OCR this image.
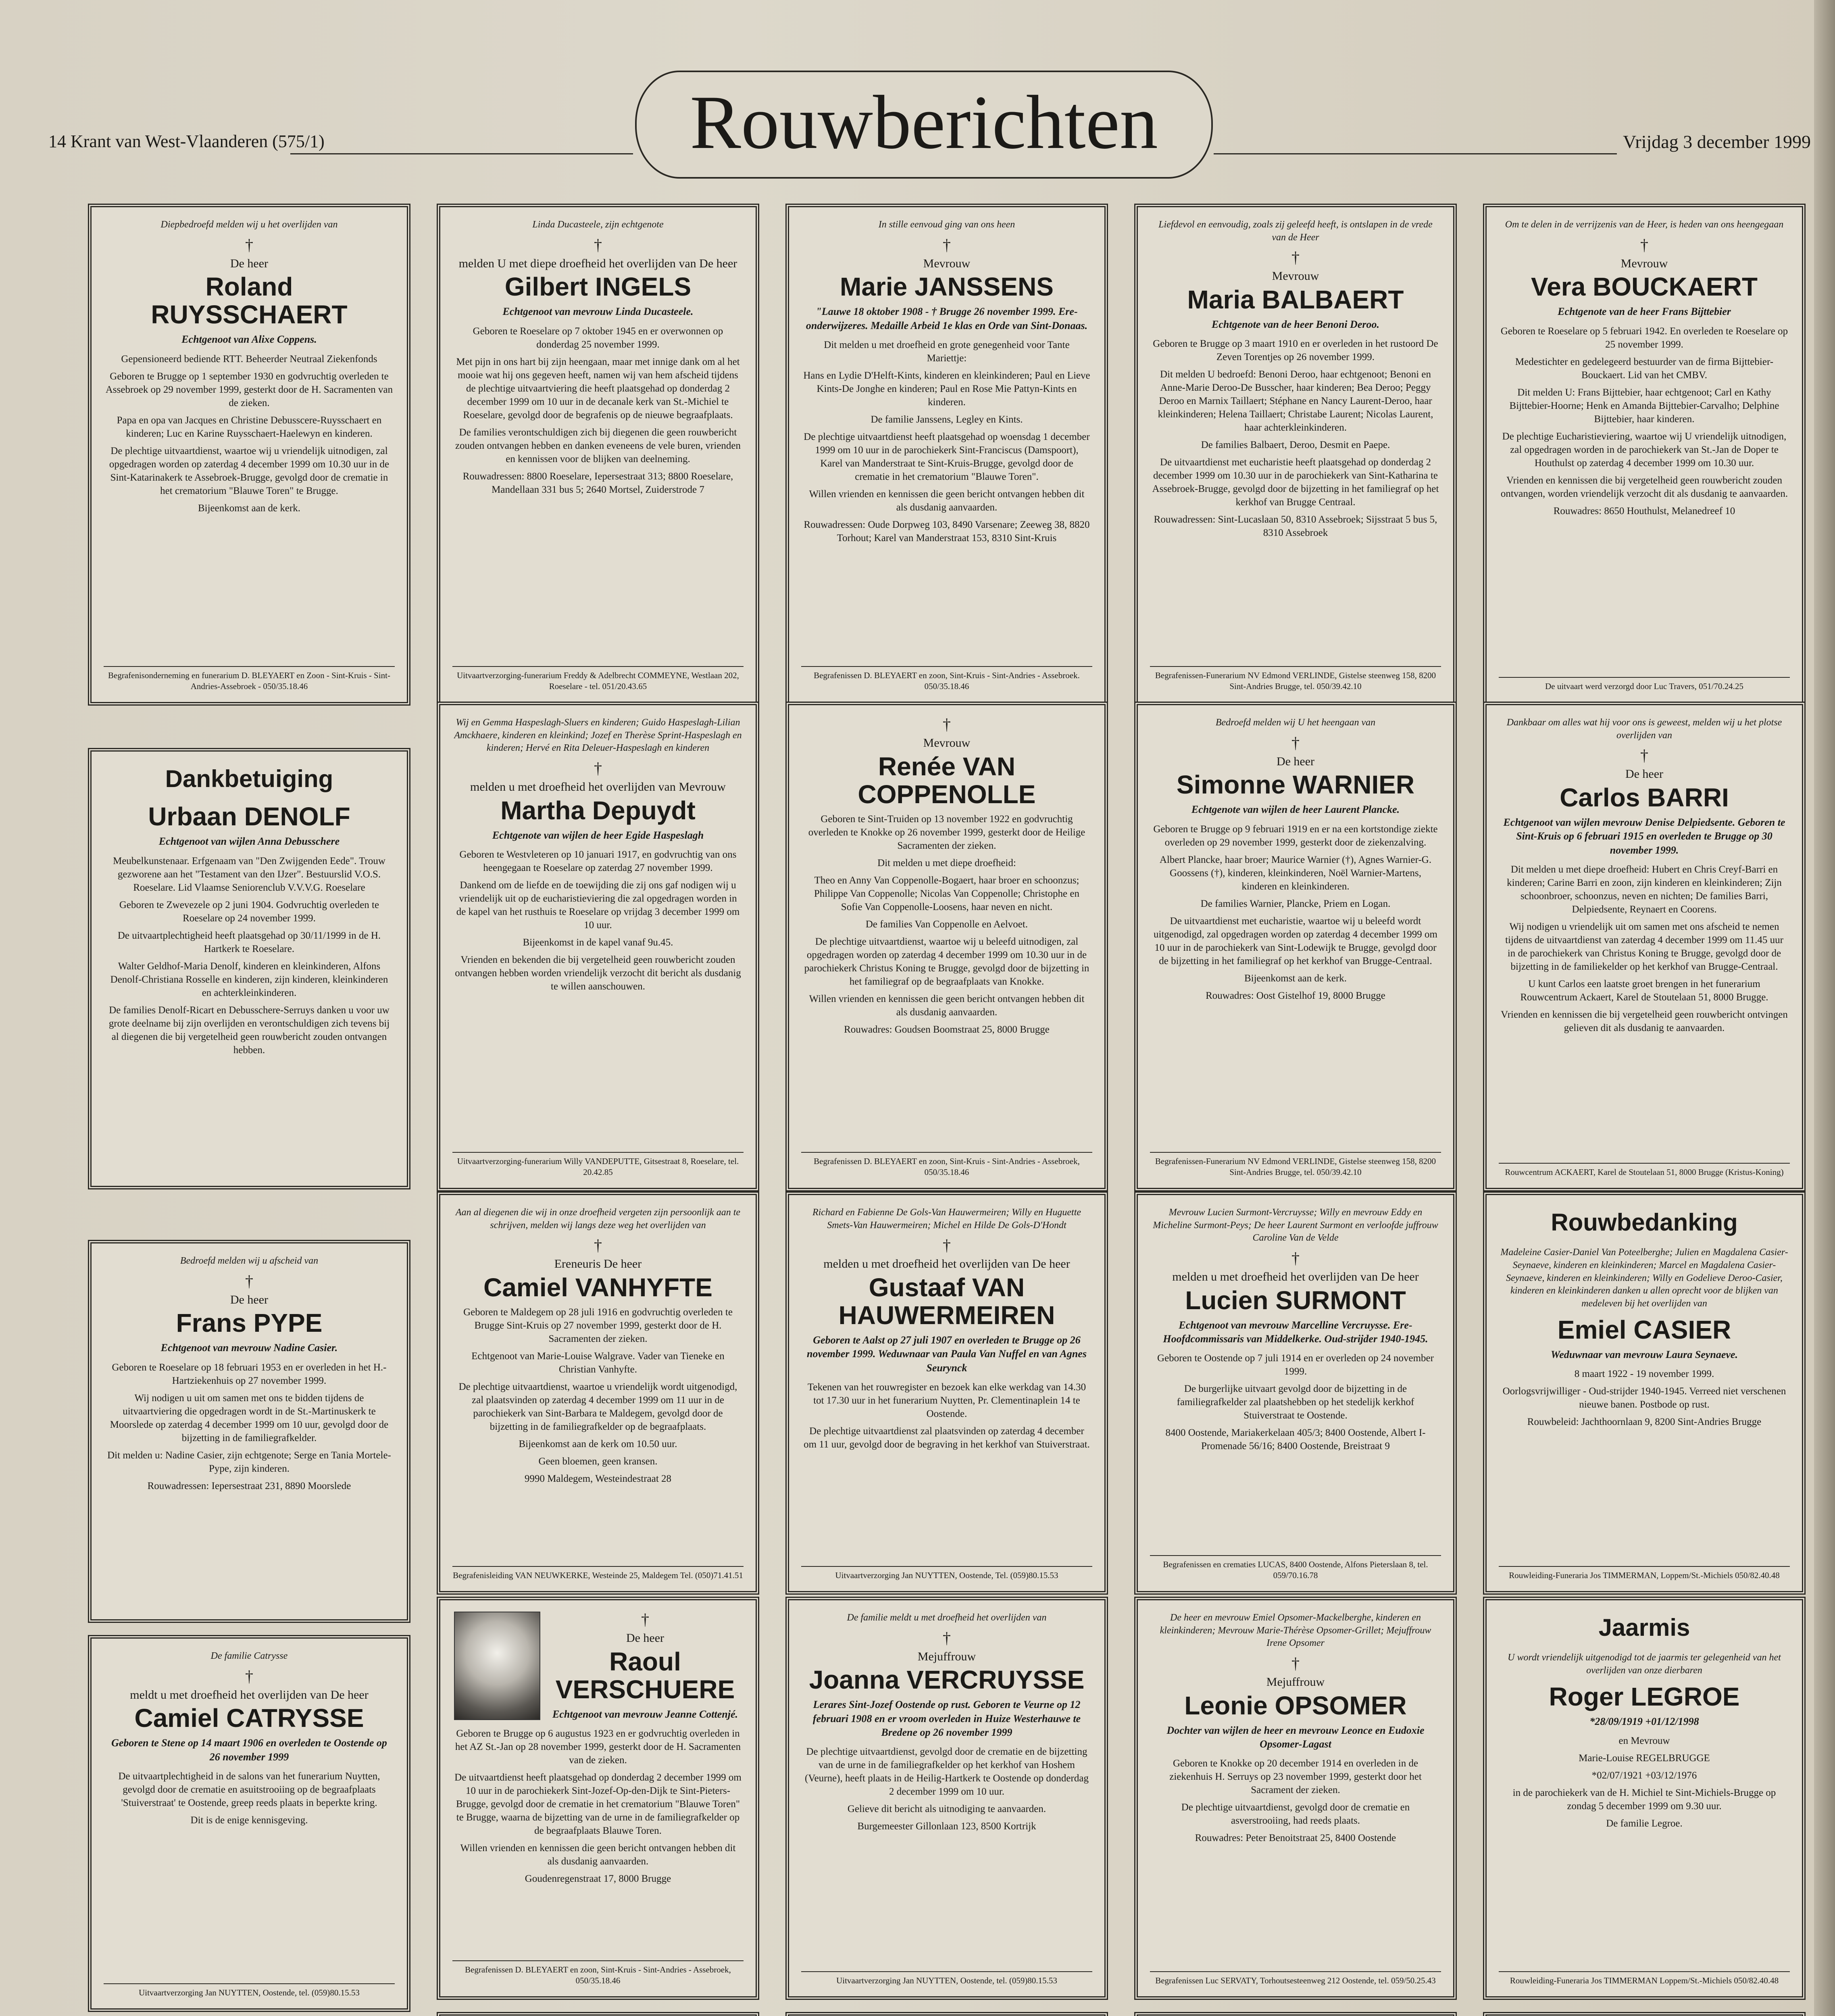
14 Krant van West-Vlaanderen (575/1)	Rouwberichten	Vrijdag 3 december 1999
Diepbedroefd melden wij u het overlijden van
†
De heer
Roland RUYSSCHAERT
Echtgenoot van Alixe Coppens.

Gepensioneerd bediende RTT. Beheerder Neutraal Ziekenfonds

Geboren te Brugge op 1 september 1930 en godvruchtig overleden te Assebroek op 29 november 1999, gesterkt door de H. Sacramenten van de zieken.

Papa en opa van Jacques en Christine Debusscere-Ruysschaert en kinderen; Luc en Karine Ruysschaert-Haelewyn en kinderen.

De plechtige uitvaartdienst, waartoe wij u vriendelijk uitnodigen, zal opgedragen worden op zaterdag 4 december 1999 om 10.30 uur in de Sint-Katarinakerk te Assebroek-Brugge, gevolgd door de crematie in het crematorium "Blauwe Toren" te Brugge.

Bijeenkomst aan de kerk.

Begrafenisonderneming en funerarium D. BLEYAERT en Zoon - Sint-Kruis - Sint-Andries-Assebroek - 050/35.18.46
Linda Ducasteele, zijn echtgenote
†
melden U met diepe droefheid het overlijden van De heer
Gilbert INGELS
Echtgenoot van mevrouw Linda Ducasteele.

Geboren te Roeselare op 7 oktober 1945 en er overwonnen op donderdag 25 november 1999.

Met pijn in ons hart bij zijn heengaan, maar met innige dank om al het mooie wat hij ons gegeven heeft, namen wij van hem afscheid tijdens de plechtige uitvaartviering die heeft plaatsgehad op donderdag 2 december 1999 om 10 uur in de decanale kerk van St.-Michiel te Roeselare, gevolgd door de begrafenis op de nieuwe begraafplaats.

De families verontschuldigen zich bij diegenen die geen rouwbericht zouden ontvangen hebben en danken eveneens de vele buren, vrienden en kennissen voor de blijken van deelneming.

Rouwadressen: 8800 Roeselare, Iepersestraat 313; 8800 Roeselare, Mandellaan 331 bus 5; 2640 Mortsel, Zuiderstrode 7

Uitvaartverzorging-funerarium Freddy & Adelbrecht COMMEYNE, Westlaan 202, Roeselare - tel. 051/20.43.65
In stille eenvoud ging van ons heen
†
Mevrouw
Marie JANSSENS
"Lauwe 18 oktober 1908 - † Brugge 26 november 1999. Ere-onderwijzeres. Medaille Arbeid 1e klas en Orde van Sint-Donaas.

Dit melden u met droefheid en grote genegenheid voor Tante Mariettje:

Hans en Lydie D'Helft-Kints, kinderen en kleinkinderen; Paul en Lieve Kints-De Jonghe en kinderen; Paul en Rose Mie Pattyn-Kints en kinderen.

De familie Janssens, Legley en Kints.

De plechtige uitvaartdienst heeft plaatsgehad op woensdag 1 december 1999 om 10 uur in de parochiekerk Sint-Franciscus (Damspoort), Karel van Manderstraat te Sint-Kruis-Brugge, gevolgd door de crematie in het crematorium "Blauwe Toren".

Willen vrienden en kennissen die geen bericht ontvangen hebben dit als dusdanig aanvaarden.

Rouwadressen: Oude Dorpweg 103, 8490 Varsenare; Zeeweg 38, 8820 Torhout; Karel van Manderstraat 153, 8310 Sint-Kruis

Begrafenissen D. BLEYAERT en zoon, Sint-Kruis - Sint-Andries - Assebroek. 050/35.18.46
Liefdevol en eenvoudig, zoals zij geleefd heeft, is ontslapen in de vrede van de Heer
†
Mevrouw
Maria BALBAERT
Echtgenote van de heer Benoni Deroo.

Geboren te Brugge op 3 maart 1910 en er overleden in het rustoord De Zeven Torentjes op 26 november 1999.

Dit melden U bedroefd: Benoni Deroo, haar echtgenoot; Benoni en Anne-Marie Deroo-De Busscher, haar kinderen; Bea Deroo; Peggy Deroo en Marnix Taillaert; Stéphane en Nancy Laurent-Deroo, haar kleinkinderen; Helena Taillaert; Christabe Laurent; Nicolas Laurent, haar achterkleinkinderen.

De families Balbaert, Deroo, Desmit en Paepe.

De uitvaartdienst met eucharistie heeft plaatsgehad op donderdag 2 december 1999 om 10.30 uur in de parochiekerk van Sint-Katharina te Assebroek-Brugge, gevolgd door de bijzetting in het familiegraf op het kerkhof van Brugge Centraal.

Rouwadressen: Sint-Lucaslaan 50, 8310 Assebroek; Sijsstraat 5 bus 5, 8310 Assebroek

Begrafenissen-Funerarium NV Edmond VERLINDE, Gistelse steenweg 158, 8200 Sint-Andries Brugge, tel. 050/39.42.10
Om te delen in de verrijzenis van de Heer, is heden van ons heengegaan
†
Mevrouw
Vera BOUCKAERT
Echtgenote van de heer Frans Bijttebier

Geboren te Roeselare op 5 februari 1942. En overleden te Roeselare op 25 november 1999.

Medestichter en gedelegeerd bestuurder van de firma Bijttebier-Bouckaert. Lid van het CMBV.

Dit melden U: Frans Bijttebier, haar echtgenoot; Carl en Kathy Bijttebier-Hoorne; Henk en Amanda Bijttebier-Carvalho; Delphine Bijttebier, haar kinderen.

De plechtige Eucharistieviering, waartoe wij U vriendelijk uitnodigen, zal opgedragen worden in de parochiekerk van St.-Jan de Doper te Houthulst op zaterdag 4 december 1999 om 10.30 uur.

Vrienden en kennissen die bij vergetelheid geen rouwbericht zouden ontvangen, worden vriendelijk verzocht dit als dusdanig te aanvaarden.

Rouwadres: 8650 Houthulst, Melanedreef 10

De uitvaart werd verzorgd door Luc Travers, 051/70.24.25
Dankbetuiging
Urbaan DENOLF
Echtgenoot van wijlen Anna Debusschere

Meubelkunstenaar. Erfgenaam van "Den Zwijgenden Eede". Trouw gezworene aan het "Testament van den IJzer". Bestuurslid V.O.S. Roeselare. Lid Vlaamse Seniorenclub V.V.V.G. Roeselare

Geboren te Zwevezele op 2 juni 1904. Godvruchtig overleden te Roeselare op 24 november 1999.

De uitvaartplechtigheid heeft plaatsgehad op 30/11/1999 in de H. Hartkerk te Roeselare.

Walter Geldhof-Maria Denolf, kinderen en kleinkinderen, Alfons Denolf-Christiana Rosselle en kinderen, zijn kinderen, kleinkinderen en achterkleinkinderen.

De families Denolf-Ricart en Debusschere-Serruys danken u voor uw grote deelname bij zijn overlijden en verontschuldigen zich tevens bij al diegenen die bij vergetelheid geen rouwbericht zouden ontvangen hebben.

Wij en Gemma Haspeslagh-Sluers en kinderen; Guido Haspeslagh-Lilian Amckhaere, kinderen en kleinkind; Jozef en Therèse Sprint-Haspeslagh en kinderen; Hervé en Rita Deleuer-Haspeslagh en kinderen
†
melden u met droefheid het overlijden van Mevrouw
Martha Depuydt
Echtgenote van wijlen de heer Egide Haspeslagh

Geboren te Westvleteren op 10 januari 1917, en godvruchtig van ons heengegaan te Roeselare op zaterdag 27 november 1999.

Dankend om de liefde en de toewijding die zij ons gaf nodigen wij u vriendelijk uit op de eucharistieviering die zal opgedragen worden in de kapel van het rusthuis te Roeselare op vrijdag 3 december 1999 om 10 uur.

Bijeenkomst in de kapel vanaf 9u.45.

Vrienden en bekenden die bij vergetelheid geen rouwbericht zouden ontvangen hebben worden vriendelijk verzocht dit bericht als dusdanig te willen aanschouwen.

Uitvaartverzorging-funerarium Willy VANDEPUTTE, Gitsestraat 8, Roeselare, tel. 20.42.85
†
Mevrouw
Renée VAN COPPENOLLE

Geboren te Sint-Truiden op 13 november 1922 en godvruchtig overleden te Knokke op 26 november 1999, gesterkt door de Heilige Sacramenten der zieken.

Dit melden u met diepe droefheid:

Theo en Anny Van Coppenolle-Bogaert, haar broer en schoonzus; Philippe Van Coppenolle; Nicolas Van Coppenolle; Christophe en Sofie Van Coppenolle-Loosens, haar neven en nicht.

De families Van Coppenolle en Aelvoet.

De plechtige uitvaartdienst, waartoe wij u beleefd uitnodigen, zal opgedragen worden op zaterdag 4 december 1999 om 10.30 uur in de parochiekerk Christus Koning te Brugge, gevolgd door de bijzetting in het familiegraf op de begraafplaats van Knokke.

Willen vrienden en kennissen die geen bericht ontvangen hebben dit als dusdanig aanvaarden.

Rouwadres: Goudsen Boomstraat 25, 8000 Brugge

Begrafenissen D. BLEYAERT en zoon, Sint-Kruis - Sint-Andries - Assebroek, 050/35.18.46
Bedroefd melden wij U het heengaan van
†
De heer
Simonne WARNIER
Echtgenote van wijlen de heer Laurent Plancke.

Geboren te Brugge op 9 februari 1919 en er na een kortstondige ziekte overleden op 29 november 1999, gesterkt door de ziekenzalving.

Albert Plancke, haar broer; Maurice Warnier (†), Agnes Warnier-G. Goossens (†), kinderen, kleinkinderen, Noël Warnier-Martens, kinderen en kleinkinderen.

De families Warnier, Plancke, Priem en Logan.

De uitvaartdienst met eucharistie, waartoe wij u beleefd wordt uitgenodigd, zal opgedragen worden op zaterdag 4 december 1999 om 10 uur in de parochiekerk van Sint-Lodewijk te Brugge, gevolgd door de bijzetting in het familiegraf op het kerkhof van Brugge-Centraal.

Bijeenkomst aan de kerk.

Rouwadres: Oost Gistelhof 19, 8000 Brugge

Begrafenissen-Funerarium NV Edmond VERLINDE, Gistelse steenweg 158, 8200 Sint-Andries Brugge, tel. 050/39.42.10
Dankbaar om alles wat hij voor ons is geweest, melden wij u het plotse overlijden van
†
De heer
Carlos BARRI
Echtgenoot van wijlen mevrouw Denise Delpiedsente. Geboren te Sint-Kruis op 6 februari 1915 en overleden te Brugge op 30 november 1999.

Dit melden u met diepe droefheid: Hubert en Chris Creyf-Barri en kinderen; Carine Barri en zoon, zijn kinderen en kleinkinderen; Zijn schoonbroer, schoonzus, neven en nichten; De families Barri, Delpiedsente, Reynaert en Coorens.

Wij nodigen u vriendelijk uit om samen met ons afscheid te nemen tijdens de uitvaartdienst van zaterdag 4 december 1999 om 11.45 uur in de parochiekerk van Christus Koning te Brugge, gevolgd door de bijzetting in de familiekelder op het kerkhof van Brugge-Centraal.

U kunt Carlos een laatste groet brengen in het funerarium Rouwcentrum Ackaert, Karel de Stoutelaan 51, 8000 Brugge.

Vrienden en kennissen die bij vergetelheid geen rouwbericht ontvingen gelieven dit als dusdanig te aanvaarden.

Rouwcentrum ACKAERT, Karel de Stoutelaan 51, 8000 Brugge (Kristus-Koning)
Bedroefd melden wij u afscheid van
†
De heer
Frans PYPE
Echtgenoot van mevrouw Nadine Casier.

Geboren te Roeselare op 18 februari 1953 en er overleden in het H.-Hartziekenhuis op 27 november 1999.

Wij nodigen u uit om samen met ons te bidden tijdens de uitvaartviering die opgedragen wordt in de St.-Martinuskerk te Moorslede op zaterdag 4 december 1999 om 10 uur, gevolgd door de bijzetting in de familiegrafkelder.

Dit melden u: Nadine Casier, zijn echtgenote; Serge en Tania Mortele-Pype, zijn kinderen.

Rouwadressen: Iepersestraat 231, 8890 Moorslede

Aan al diegenen die wij in onze droefheid vergeten zijn persoonlijk aan te schrijven, melden wij langs deze weg het overlijden van
†
Ereneuris De heer
Camiel VANHYFTE

Geboren te Maldegem op 28 juli 1916 en godvruchtig overleden te Brugge Sint-Kruis op 27 november 1999, gesterkt door de H. Sacramenten der zieken.

Echtgenoot van Marie-Louise Walgrave. Vader van Tieneke en Christian Vanhyfte.

De plechtige uitvaartdienst, waartoe u vriendelijk wordt uitgenodigd, zal plaatsvinden op zaterdag 4 december 1999 om 11 uur in de parochiekerk van Sint-Barbara te Maldegem, gevolgd door de bijzetting in de familiegrafkelder op de begraafplaats.

Bijeenkomst aan de kerk om 10.50 uur.

Geen bloemen, geen kransen.

9990 Maldegem, Westeindestraat 28

Begrafenisleiding VAN NEUWKERKE, Westeinde 25, Maldegem Tel. (050)71.41.51
Richard en Fabienne De Gols-Van Hauwermeiren; Willy en Huguette Smets-Van Hauwermeiren; Michel en Hilde De Gols-D'Hondt
†
melden u met droefheid het overlijden van De heer
Gustaaf VAN HAUWERMEIREN
Geboren te Aalst op 27 juli 1907 en overleden te Brugge op 26 november 1999. Weduwnaar van Paula Van Nuffel en van Agnes Seurynck

Tekenen van het rouwregister en bezoek kan elke werkdag van 14.30 tot 17.30 uur in het funerarium Nuytten, Pr. Clementinaplein 14 te Oostende.

De plechtige uitvaartdienst zal plaatsvinden op zaterdag 4 december om 11 uur, gevolgd door de begraving in het kerkhof van Stuiverstraat.

Uitvaartverzorging Jan NUYTTEN, Oostende, Tel. (059)80.15.53
Mevrouw Lucien Surmont-Vercruysse; Willy en mevrouw Eddy en Micheline Surmont-Peys; De heer Laurent Surmont en verloofde juffrouw Caroline Van de Velde
†
melden u met droefheid het overlijden van De heer
Lucien SURMONT
Echtgenoot van mevrouw Marcelline Vercruysse. Ere-Hoofdcommissaris van Middelkerke. Oud-strijder 1940-1945.

Geboren te Oostende op 7 juli 1914 en er overleden op 24 november 1999.

De burgerlijke uitvaart gevolgd door de bijzetting in de familiegrafkelder zal plaatshebben op het stedelijk kerkhof Stuiverstraat te Oostende.

8400 Oostende, Mariakerkelaan 405/3; 8400 Oostende, Albert I-Promenade 56/16; 8400 Oostende, Breistraat 9

Begrafenissen en crematies LUCAS, 8400 Oostende, Alfons Pieterslaan 8, tel. 059/70.16.78
Rouwbedanking
Madeleine Casier-Daniel Van Poteelberghe; Julien en Magdalena Casier-Seynaeve, kinderen en kleinkinderen; Marcel en Magdalena Casier-Seynaeve, kinderen en kleinkinderen; Willy en Godelieve Deroo-Casier, kinderen en kleinkinderen danken u allen oprecht voor de blijken van medeleven bij het overlijden van
Emiel CASIER
Weduwnaar van mevrouw Laura Seynaeve.

8 maart 1922 - 19 november 1999.

Oorlogsvrijwilliger - Oud-strijder 1940-1945. Verreed niet verschenen nieuwe banen. Postbode op rust.

Rouwbeleid: Jachthoornlaan 9, 8200 Sint-Andries Brugge

Rouwleiding-Funeraria Jos TIMMERMAN, Loppem/St.-Michiels 050/82.40.48
De familie Catrysse
†
meldt u met droefheid het overlijden van De heer
Camiel CATRYSSE
Geboren te Stene op 14 maart 1906 en overleden te Oostende op 26 november 1999

De uitvaartplechtigheid in de salons van het funerarium Nuytten, gevolgd door de crematie en asuitstrooiing op de begraafplaats 'Stuiverstraat' te Oostende, greep reeds plaats in beperkte kring.

Dit is de enige kennisgeving.

Uitvaartverzorging Jan NUYTTEN, Oostende, tel. (059)80.15.53
†
De heer
Raoul VERSCHUERE
Echtgenoot van mevrouw Jeanne Cottenjé.

Geboren te Brugge op 6 augustus 1923 en er godvruchtig overleden in het AZ St.-Jan op 28 november 1999, gesterkt door de H. Sacramenten van de zieken.

De uitvaartdienst heeft plaatsgehad op donderdag 2 december 1999 om 10 uur in de parochiekerk Sint-Jozef-Op-den-Dijk te Sint-Pieters-Brugge, gevolgd door de crematie in het crematorium "Blauwe Toren" te Brugge, waarna de bijzetting van de urne in de familiegrafkelder op de begraafplaats Blauwe Toren.

Willen vrienden en kennissen die geen bericht ontvangen hebben dit als dusdanig aanvaarden.

Goudenregenstraat 17, 8000 Brugge

Begrafenissen D. BLEYAERT en zoon, Sint-Kruis - Sint-Andries - Assebroek, 050/35.18.46
De familie meldt u met droefheid het overlijden van
†
Mejuffrouw
Joanna VERCRUYSSE
Lerares Sint-Jozef Oostende op rust. Geboren te Veurne op 12 februari 1908 en er vroom overleden in Huize Westerhauwe te Bredene op 26 november 1999

De plechtige uitvaartdienst, gevolgd door de crematie en de bijzetting van de urne in de familiegrafkelder op het kerkhof van Hoshem (Veurne), heeft plaats in de Heilig-Hartkerk te Oostende op donderdag 2 december 1999 om 10 uur.

Gelieve dit bericht als uitnodiging te aanvaarden.

Burgemeester Gillonlaan 123, 8500 Kortrijk

Uitvaartverzorging Jan NUYTTEN, Oostende, tel. (059)80.15.53
De heer en mevrouw Emiel Opsomer-Mackelberghe, kinderen en kleinkinderen; Mevrouw Marie-Thérèse Opsomer-Grillet; Mejuffrouw Irene Opsomer
†
Mejuffrouw
Leonie OPSOMER
Dochter van wijlen de heer en mevrouw Leonce en Eudoxie Opsomer-Lagast

Geboren te Knokke op 20 december 1914 en overleden in de ziekenhuis H. Serruys op 23 november 1999, gesterkt door het Sacrament der zieken.

De plechtige uitvaartdienst, gevolgd door de crematie en asverstrooiing, had reeds plaats.

Rouwadres: Peter Benoitstraat 25, 8400 Oostende

Begrafenissen Luc SERVATY, Torhoutsesteenweg 212 Oostende, tel. 059/50.25.43
Jaarmis
U wordt vriendelijk uitgenodigd tot de jaarmis ter gelegenheid van het overlijden van onze dierbaren
Roger LEGROE
*28/09/1919 +01/12/1998

en Mevrouw

Marie-Louise REGELBRUGGE

*02/07/1921 +03/12/1976

in de parochiekerk van de H. Michiel te Sint-Michiels-Brugge op zondag 5 december 1999 om 9.30 uur.

De familie Legroe.

Rouwleiding-Funeraria Jos TIMMERMAN Loppem/St.-Michiels 050/82.40.48
